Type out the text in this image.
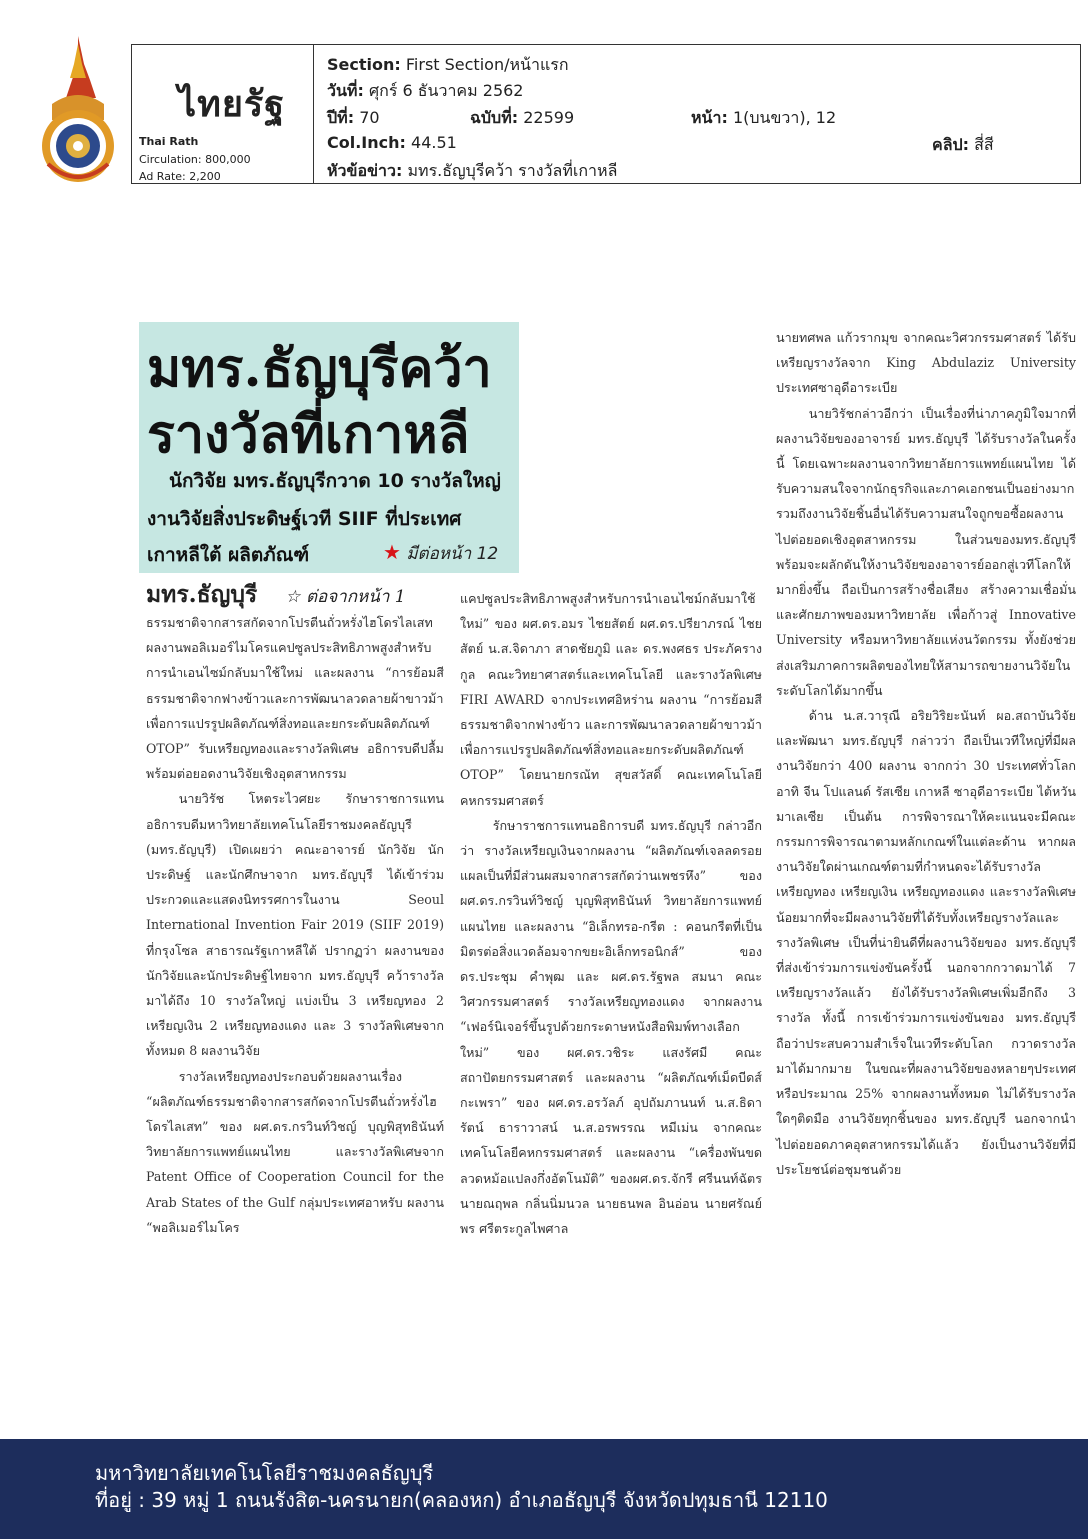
ไทยรัฐ
Thai Rath
Circulation: 800,000
Ad Rate: 2,200
Section: First Section/หน้าแรก
วันที่: ศุกร์ 6 ธันวาคม 2562
ปีที่: 70	ฉบับที่: 22599	หน้า: 1(บนขวา), 12
Col.Inch: 44.51	คลิป: สี่สี
หัวข้อข่าว: มทร.ธัญบุรีคว้า รางวัลที่เกาหลี
มทร.ธัญบุรีคว้า
รางวัลที่เกาหลี
นักวิจัย มทร.ธัญบุรีกวาด 10 รางวัลใหญ่
งานวิจัยสิ่งประดิษฐ์เวที SIIF ที่ประเทศ
เกาหลีใต้ ผลิตภัณฑ์	★ มีต่อหน้า 12
มทร.ธัญบุรี ☆ ต่อจากหน้า 1

ธรรมชาติจากสารสกัดจากโปรตีนถั่วหรั่งไฮโดรไลเสท ผลงานพอลิเมอร์ไมโครแคปซูลประสิทธิภาพสูงสำหรับการนำเอนไซม์กลับมาใช้ใหม่ และผลงาน “การย้อมสีธรรมชาติจากฟางข้าวและการพัฒนาลวดลายผ้าขาวม้าเพื่อการแปรรูปผลิตภัณฑ์สิ่งทอและยกระดับผลิตภัณฑ์ OTOP” รับเหรียญทองและรางวัลพิเศษ อธิการบดีปลื้มพร้อมต่อยอดงานวิจัยเชิงอุตสาหกรรม

นายวิรัช โหตระไวศยะ รักษาราชการแทนอธิการบดีมหาวิทยาลัยเทคโนโลยีราชมงคลธัญบุรี (มทร.ธัญบุรี) เปิดเผยว่า คณะอาจารย์ นักวิจัย นักประดิษฐ์ และนักศึกษาจาก มทร.ธัญบุรี ได้เข้าร่วมประกวดและแสดงนิทรรศการในงาน Seoul International Invention Fair 2019 (SIIF 2019) ที่กรุงโซล สาธารณรัฐเกาหลีใต้ ปรากฏว่า ผลงานของนักวิจัยและนักประดิษฐ์ไทยจาก มทร.ธัญบุรี คว้ารางวัลมาได้ถึง 10 รางวัลใหญ่ แบ่งเป็น 3 เหรียญทอง 2 เหรียญเงิน 2 เหรียญทองแดง และ 3 รางวัลพิเศษจากทั้งหมด 8 ผลงานวิจัย

รางวัลเหรียญทองประกอบด้วยผลงานเรื่อง “ผลิตภัณฑ์ธรรมชาติจากสารสกัดจากโปรตีนถั่วหรั่งไฮโดรไลเสท” ของ ผศ.ดร.กรวินท์วิชญ์ บุญพิสุทธินันท์ วิทยาลัยการแพทย์แผนไทย และรางวัลพิเศษจาก Patent Office of Cooperation Council for the Arab States of the Gulf กลุ่มประเทศอาหรับ ผลงาน “พอลิเมอร์ไมโคร

แคปซูลประสิทธิภาพสูงสำหรับการนำเอนไซม์กลับมาใช้ใหม่” ของ ผศ.ดร.อมร ไชยสัตย์ ผศ.ดร.ปรียาภรณ์ ไชยสัตย์ น.ส.จิดาภา สาดชัยภูมิ และ ดร.พงศธร ประภัครางกูล คณะวิทยาศาสตร์และเทคโนโลยี และรางวัลพิเศษ FIRI AWARD จากประเทศอิหร่าน ผลงาน “การย้อมสีธรรมชาติจากฟางข้าว และการพัฒนาลวดลายผ้าขาวม้าเพื่อการแปรรูปผลิตภัณฑ์สิ่งทอและยกระดับผลิตภัณฑ์ OTOP” โดยนายกรณัท สุขสวัสดิ์ คณะเทคโนโลยีคหกรรมศาสตร์

รักษาราชการแทนอธิการบดี มทร.ธัญบุรี กล่าวอีกว่า รางวัลเหรียญเงินจากผลงาน “ผลิตภัณฑ์เจลลดรอยแผลเป็นที่มีส่วนผสมจากสารสกัดว่านเพชรหึง” ของ ผศ.ดร.กรวินท์วิชญ์ บุญพิสุทธินันท์ วิทยาลัยการแพทย์แผนไทย และผลงาน “อิเล็กทรอ-กรีต : คอนกรีตที่เป็นมิตรต่อสิ่งแวดล้อมจากขยะอิเล็กทรอนิกส์” ของ ดร.ประชุม คำพุฒ และ ผศ.ดร.รัฐพล สมนา คณะวิศวกรรมศาสตร์ รางวัลเหรียญทองแดง จากผลงาน “เฟอร์นิเจอร์ขึ้นรูปด้วยกระดาษหนังสือพิมพ์ทางเลือกใหม่” ของ ผศ.ดร.วชิระ แสงรัศมี คณะสถาปัตยกรรมศาสตร์ และผลงาน “ผลิตภัณฑ์เม็ดบีดส์กะเพรา” ของ ผศ.ดร.อรวัลภ์ อุปถัมภานนท์ น.ส.ธิดารัตน์ ธาราวาสน์ น.ส.อรพรรณ หมีเม่น จากคณะเทคโนโลยีคหกรรมศาสตร์ และผลงาน “เครื่องพันขดลวดหม้อแปลงกึ่งอัตโนมัติ” ของผศ.ดร.จักรี ศรีนนท์ฉัตร นายณฤพล กลิ่นนิ่มนวล นายธนพล อินอ่อน นายศรัณย์พร ศรีตระกูลไพศาล

นายทศพล แก้วรากมุข จากคณะวิศวกรรมศาสตร์ ได้รับเหรียญรางวัลจาก King Abdulaziz University ประเทศซาอุดีอาระเบีย

นายวิรัชกล่าวอีกว่า เป็นเรื่องที่น่าภาคภูมิใจมากที่ผลงานวิจัยของอาจารย์ มทร.ธัญบุรี ได้รับรางวัลในครั้งนี้ โดยเฉพาะผลงานจากวิทยาลัยการแพทย์แผนไทย ได้รับความสนใจจากนักธุรกิจและภาคเอกชนเป็นอย่างมาก รวมถึงงานวิจัยชิ้นอื่นได้รับความสนใจถูกขอซื้อผลงานไปต่อยอดเชิงอุตสาหกรรม ในส่วนของมทร.ธัญบุรี พร้อมจะผลักดันให้งานวิจัยของอาจารย์ออกสู่เวทีโลกให้มากยิ่งขึ้น ถือเป็นการสร้างชื่อเสียง สร้างความเชื่อมั่นและศักยภาพของมหาวิทยาลัย เพื่อก้าวสู่ Innovative University หรือมหาวิทยาลัยแห่งนวัตกรรม ทั้งยังช่วยส่งเสริมภาคการผลิตของไทยให้สามารถขายงานวิจัยในระดับโลกได้มากขึ้น

ด้าน น.ส.วารุณี อริยวิริยะนันท์ ผอ.สถาบันวิจัยและพัฒนา มทร.ธัญบุรี กล่าวว่า ถือเป็นเวทีใหญ่ที่มีผลงานวิจัยกว่า 400 ผลงาน จากกว่า 30 ประเทศทั่วโลก อาทิ จีน โปแลนด์ รัสเซีย เกาหลี ซาอุดีอาระเบีย ไต้หวัน มาเลเซีย เป็นต้น การพิจารณาให้คะแนนจะมีคณะกรรมการพิจารณาตามหลักเกณฑ์ในแต่ละด้าน หากผลงานวิจัยใดผ่านเกณฑ์ตามที่กำหนดจะได้รับรางวัลเหรียญทอง เหรียญเงิน เหรียญทองแดง และรางวัลพิเศษ น้อยมากที่จะมีผลงานวิจัยที่ได้รับทั้งเหรียญรางวัลและรางวัลพิเศษ เป็นที่น่ายินดีที่ผลงานวิจัยของ มทร.ธัญบุรี ที่ส่งเข้าร่วมการแข่งขันครั้งนี้ นอกจากกวาดมาได้ 7 เหรียญรางวัลแล้ว ยังได้รับรางวัลพิเศษเพิ่มอีกถึง 3 รางวัล ทั้งนี้ การเข้าร่วมการแข่งขันของ มทร.ธัญบุรี ถือว่าประสบความสำเร็จในเวทีระดับโลก กวาดรางวัลมาได้มากมาย ในขณะที่ผลงานวิจัยของหลายๆประเทศ หรือประมาณ 25% จากผลงานทั้งหมด ไม่ได้รับรางวัลใดๆติดมือ งานวิจัยทุกชิ้นของ มทร.ธัญบุรี นอกจากนำไปต่อยอดภาคอุตสาหกรรมได้แล้ว ยังเป็นงานวิจัยที่มีประโยชน์ต่อชุมชนด้วย

มหาวิทยาลัยเทคโนโลยีราชมงคลธัญบุรี
ที่อยู่ : 39 หมู่ 1 ถนนรังสิต-นครนายก(คลองหก) อำเภอธัญบุรี จังหวัดปทุมธานี 12110
